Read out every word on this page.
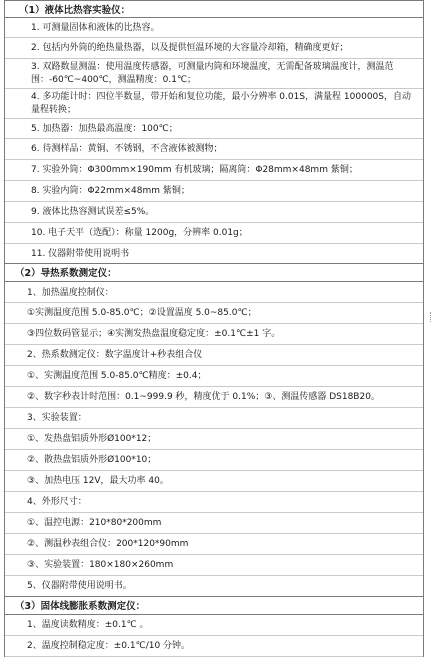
（1）液体比热容实验仪：
1. 可测量固体和液体的比热容。
2. 包括内外筒的绝热量热器，以及提供恒温环境的大容量冷却箱，精确度更好；
3. 双路数显测温：使用温度传感器，可测量内筒和环境温度，无需配备玻璃温度计，测温范围：-60℃~400℃，测温精度：0.1℃；
4. 多功能计时：四位半数显，带开始和复位功能，最小分辨率 0.01S，满量程 100000S，自动量程转换；
5. 加热器：加热最高温度：100℃；
6. 待测样品：黄铜、不锈钢，不含液体被测物；
7. 实验外筒：Φ300mm×190mm 有机玻璃；隔离筒：Φ28mm×48mm 紫铜；
8. 实验内筒：Φ22mm×48mm 紫铜；
9. 液体比热容测试误差≤5%。
10. 电子天平（选配）：称量 1200g，分辨率 0.01g；
11. 仪器附带使用说明书
（2）导热系数测定仪：
1、加热温度控制仪：
①实测温度范围 5.0-85.0℃；②设置温度 5.0~85.0℃；
③四位数码管显示；④实测发热盘温度稳定度：±0.1℃±1 字。
2、热系数测定仪：数字温度计+秒表组合仪
①、实测温度范围 5.0-85.0℃精度：±0.4；
②、数字秒表计时范围：0.1~999.9 秒，精度优于 0.1%；③、测温传感器 DS18B20。
3、实验装置：
①、发热盘铝质外形Ø100*12；
②、散热盘铝质外形Ø100*10；
③、加热电压 12V，最大功率 40。
4、外形尺寸：
①、温控电源：210*80*200mm
②、测温秒表组合仪：200*120*90mm
③、实验装置：180×180×260mm
5、仪器附带使用说明书。
（3）固体线膨胀系数测定仪：
1、温度读数精度：±0.1℃ 。
2、温度控制稳定度：±0.1℃/10 分钟。
